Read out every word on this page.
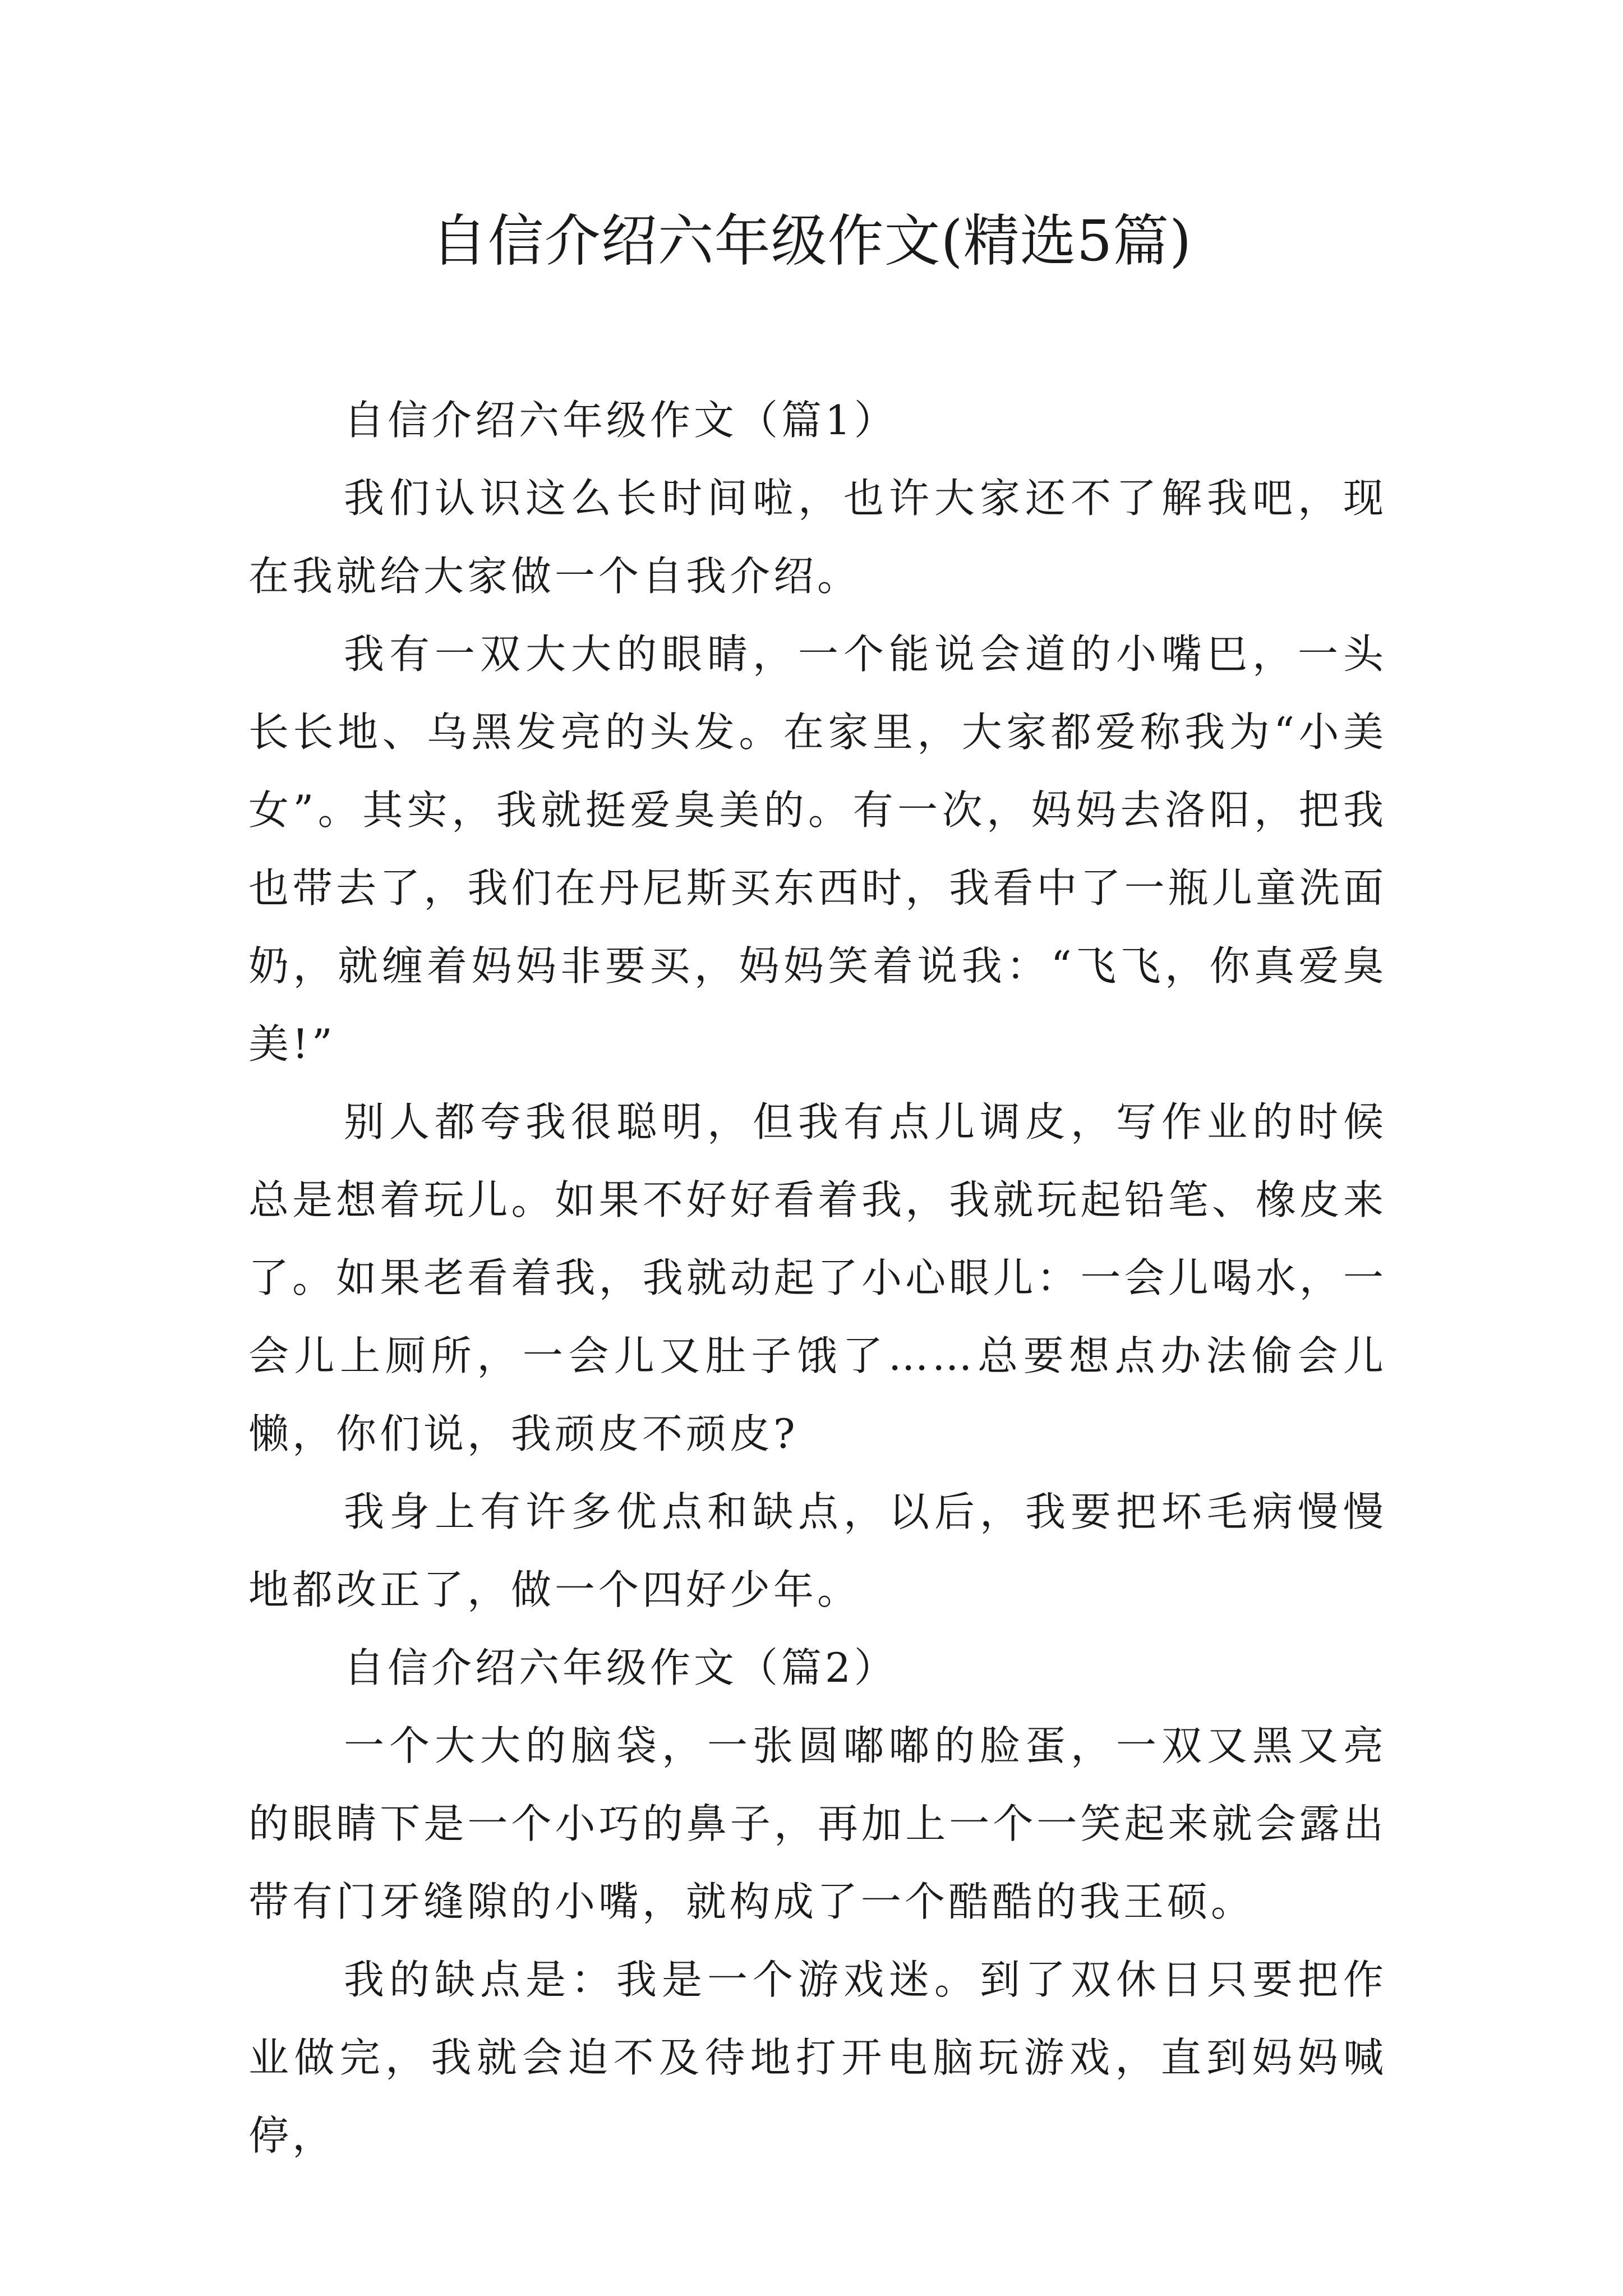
自信介绍六年级作文(精选5篇)

自信介绍六年级作文（篇1）

我们认识这么长时间啦，也许大家还不了解我吧，现在我就给大家做一个自我介绍。

我有一双大大的眼睛，一个能说会道的小嘴巴，一头长长地、乌黑发亮的头发。在家里，大家都爱称我为“小美女”。其实，我就挺爱臭美的。有一次，妈妈去洛阳，把我也带去了，我们在丹尼斯买东西时，我看中了一瓶儿童洗面奶，就缠着妈妈非要买，妈妈笑着说我：“飞飞，你真爱臭美!”

别人都夸我很聪明，但我有点儿调皮，写作业的时候总是想着玩儿。如果不好好看着我，我就玩起铅笔、橡皮来了。如果老看着我，我就动起了小心眼儿：一会儿喝水，一会儿上厕所，一会儿又肚子饿了……总要想点办法偷会儿懒，你们说，我顽皮不顽皮?

我身上有许多优点和缺点，以后，我要把坏毛病慢慢地都改正了，做一个四好少年。

自信介绍六年级作文（篇2）

一个大大的脑袋，一张圆嘟嘟的脸蛋，一双又黑又亮的眼睛下是一个小巧的鼻子，再加上一个一笑起来就会露出带有门牙缝隙的小嘴，就构成了一个酷酷的我王硕。

我的缺点是：我是一个游戏迷。到了双休日只要把作业做完，我就会迫不及待地打开电脑玩游戏，直到妈妈喊停，
